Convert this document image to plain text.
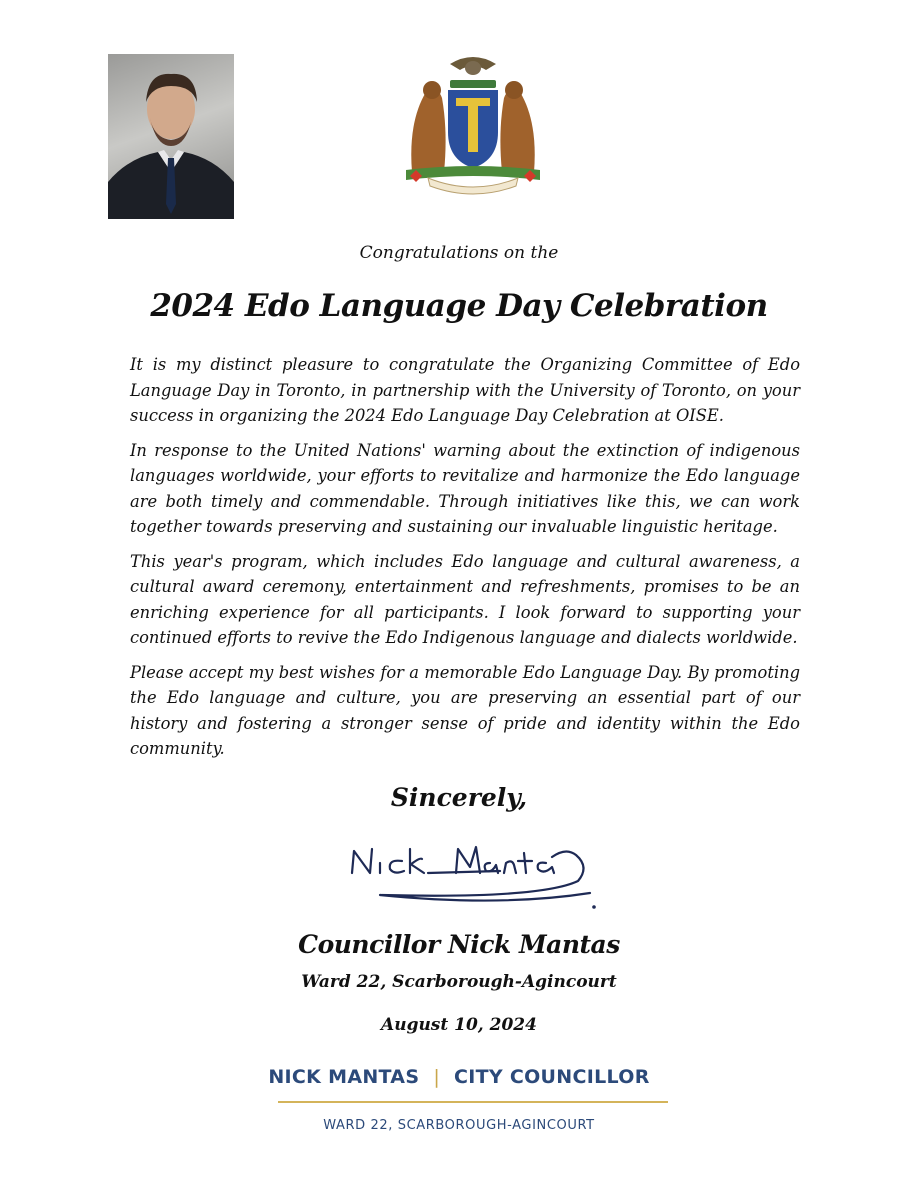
Congratulations on the
2024 Edo Language Day Celebration

It is my distinct pleasure to congratulate the Organizing Committee of Edo Language Day in Toronto, in partnership with the University of Toronto, on your success in organizing the 2024 Edo Language Day Celebration at OISE.

In response to the United Nations' warning about the extinction of indigenous languages worldwide, your efforts to revitalize and harmonize the Edo language are both timely and commendable. Through initiatives like this, we can work together towards preserving and sustaining our invaluable linguistic heritage.

This year's program, which includes Edo language and cultural awareness, a cultural award ceremony, entertainment and refreshments, promises to be an enriching experience for all participants. I look forward to supporting your continued efforts to revive the Edo Indigenous language and dialects worldwide.

Please accept my best wishes for a memorable Edo Language Day. By promoting the Edo language and culture, you are preserving an essential part of our history and fostering a stronger sense of pride and identity within the Edo community.

Sincerely,
Councillor Nick Mantas
Ward 22, Scarborough-Agincourt
August 10, 2024
NICK MANTAS | CITY COUNCILLOR
WARD 22, SCARBOROUGH-AGINCOURT
